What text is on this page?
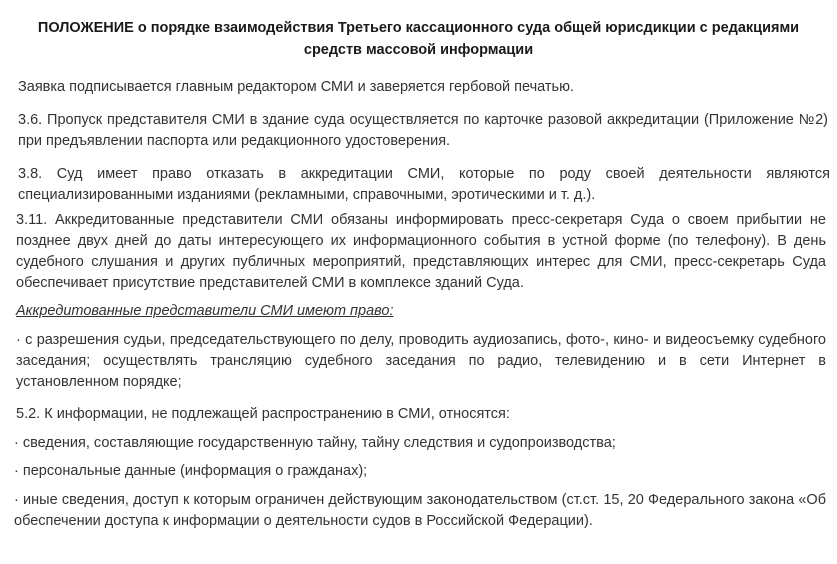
ПОЛОЖЕНИЕ о порядке взаимодействия Третьего кассационного суда общей юрисдикции с редакциями средств массовой информации

Заявка подписывается главным редактором СМИ и заверяется гербовой печатью.

3.6. Пропуск представителя СМИ в здание суда осуществляется по карточке разовой аккредитации (Приложение №2) при предъявлении паспорта или редакционного удостоверения.

3.8. Суд имеет право отказать в аккредитации СМИ, которые по роду своей деятельности являются специализированными изданиями (рекламными, справочными, эротическими и т. д.).

3.11. Аккредитованные представители СМИ обязаны информировать пресс-секретаря Суда о своем прибытии не позднее двух дней до даты интересующего их информационного события в устной форме (по телефону). В день судебного слушания и других публичных мероприятий, представляющих интерес для СМИ, пресс-секретарь Суда обеспечивает присутствие представителей СМИ в комплексе зданий Суда.

Аккредитованные представители СМИ имеют право:

· с разрешения судьи, председательствующего по делу, проводить аудиозапись, фото-, кино- и видеосъемку судебного заседания; осуществлять трансляцию судебного заседания по радио, телевидению и в сети Интернет в установленном порядке;

5.2. К информации, не подлежащей распространению в СМИ, относятся:

· сведения, составляющие государственную тайну, тайну следствия и судопроизводства;

· персональные данные (информация о гражданах);

· иные сведения, доступ к которым ограничен действующим законодательством (ст.ст. 15, 20 Федерального закона «Об обеспечении доступа к информации о деятельности судов в Российской Федерации).
